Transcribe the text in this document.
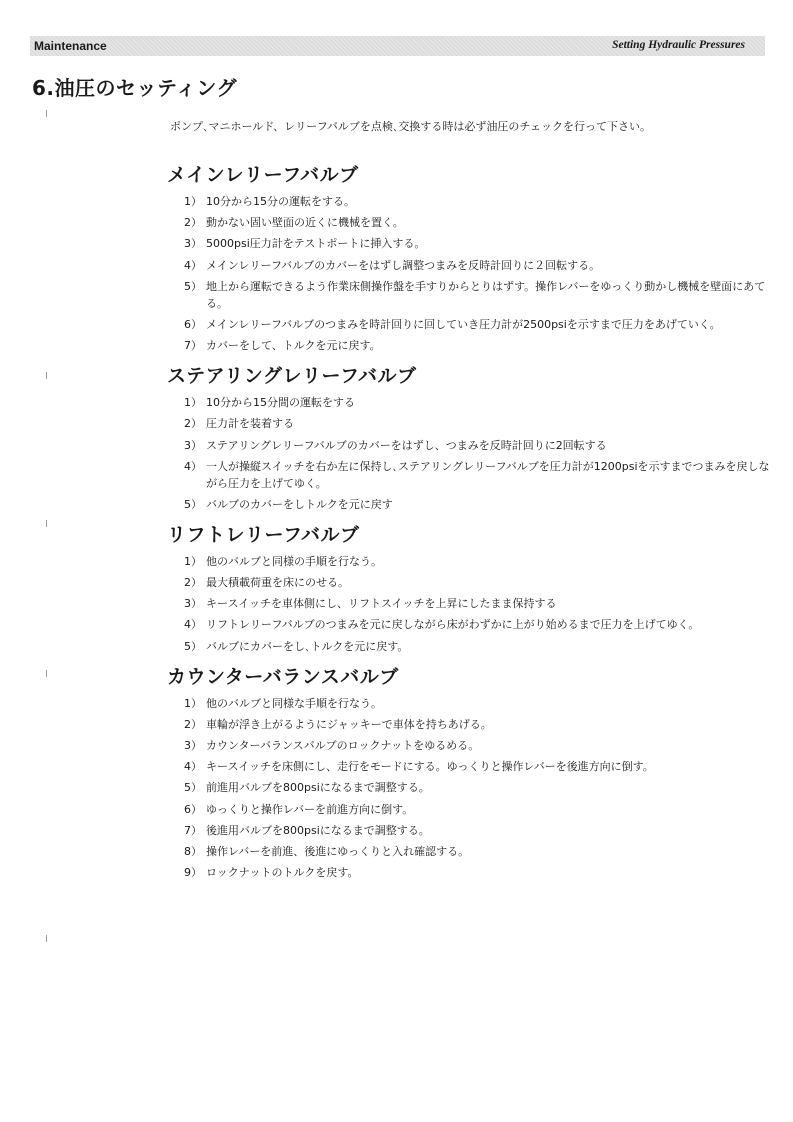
Maintenance	Setting Hydraulic Pressures
6.油圧のセッティング

ポンプ､マニホールド、レリーフバルブを点検､交換する時は必ず油圧のチェックを行って下さい。

メインレリーフバルブ
1） 10分から15分の運転をする。
2） 動かない固い壁面の近くに機械を置く。
3） 5000psi圧力計をテストポートに挿入する。
4） メインレリーフバルブのカバーをはずし調整つまみを反時計回りに２回転する。
5） 地上から運転できるよう作業床側操作盤を手すりからとりはずす。操作レバーをゆっくり動かし機械を壁面にあてる。
6） メインレリーフバルブのつまみを時計回りに回していき圧力計が2500psiを示すまで圧力をあげていく。
7） カバーをして、トルクを元に戻す。
ステアリングレリーフバルブ
1） 10分から15分間の運転をする
2） 圧力計を装着する
3） ステアリングレリーフバルブのカバーをはずし、つまみを反時計回りに2回転する
4） 一人が操縦スイッチを右か左に保持し､ステアリングレリーフバルブを圧力計が1200psiを示すまでつまみを戻しながら圧力を上げてゆく。
5） バルブのカバーをしトルクを元に戻す
リフトレリーフバルブ
1） 他のバルブと同様の手順を行なう。
2） 最大積載荷重を床にのせる。
3） キースイッチを車体側にし、リフトスイッチを上昇にしたまま保持する
4） リフトレリーフバルブのつまみを元に戻しながら床がわずかに上がり始めるまで圧力を上げてゆく。
5） バルブにカバーをし､トルクを元に戻す。
カウンターバランスバルブ
1） 他のバルブと同様な手順を行なう。
2） 車輪が浮き上がるようにジャッキーで車体を持ちあげる。
3） カウンターバランスバルブのロックナットをゆるめる。
4） キースイッチを床側にし、走行をモードにする。ゆっくりと操作レバーを後進方向に倒す。
5） 前進用バルブを800psiになるまで調整する。
6） ゆっくりと操作レバーを前進方向に倒す。
7） 後進用バルブを800psiになるまで調整する。
8） 操作レバーを前進、後進にゆっくりと入れ確認する。
9） ロックナットのトルクを戻す。
